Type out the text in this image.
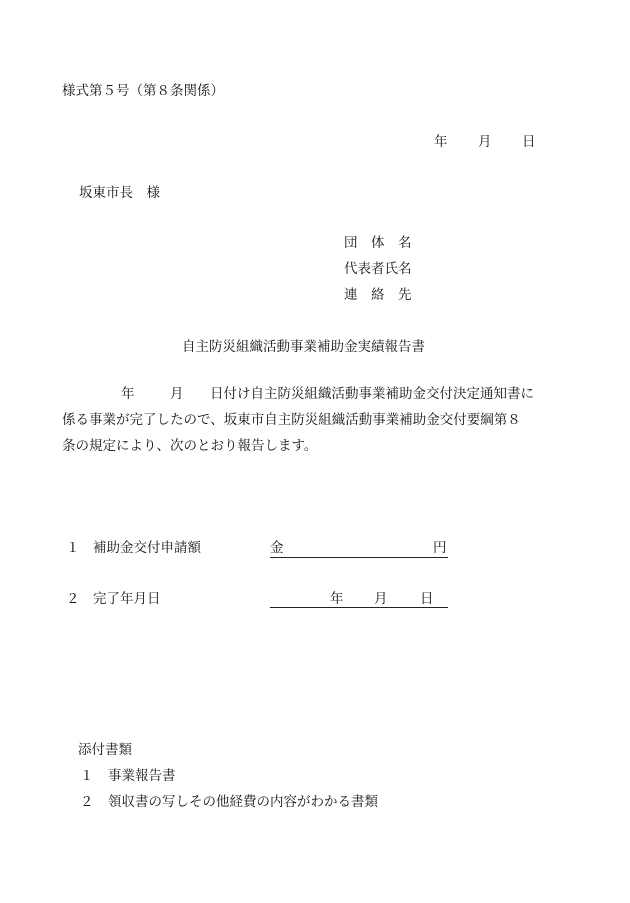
様式第５号（第８条関係）
年 月 日
坂東市長　様
団　体　名
代表者氏名
連　絡　先
自主防災組織活動事業補助金実績報告書
年	月 日付け自主防災組織活動事業補助金交付決定通知書に
係る事業が完了したので、坂東市自主防災組織活動事業補助金交付要綱第８
条の規定により、次のとおり報告します。
１ 補助金交付申請額	金	円
２ 完了年月日	年 月 日
添付書類
１ 事業報告書
２ 領収書の写しその他経費の内容がわかる書類
